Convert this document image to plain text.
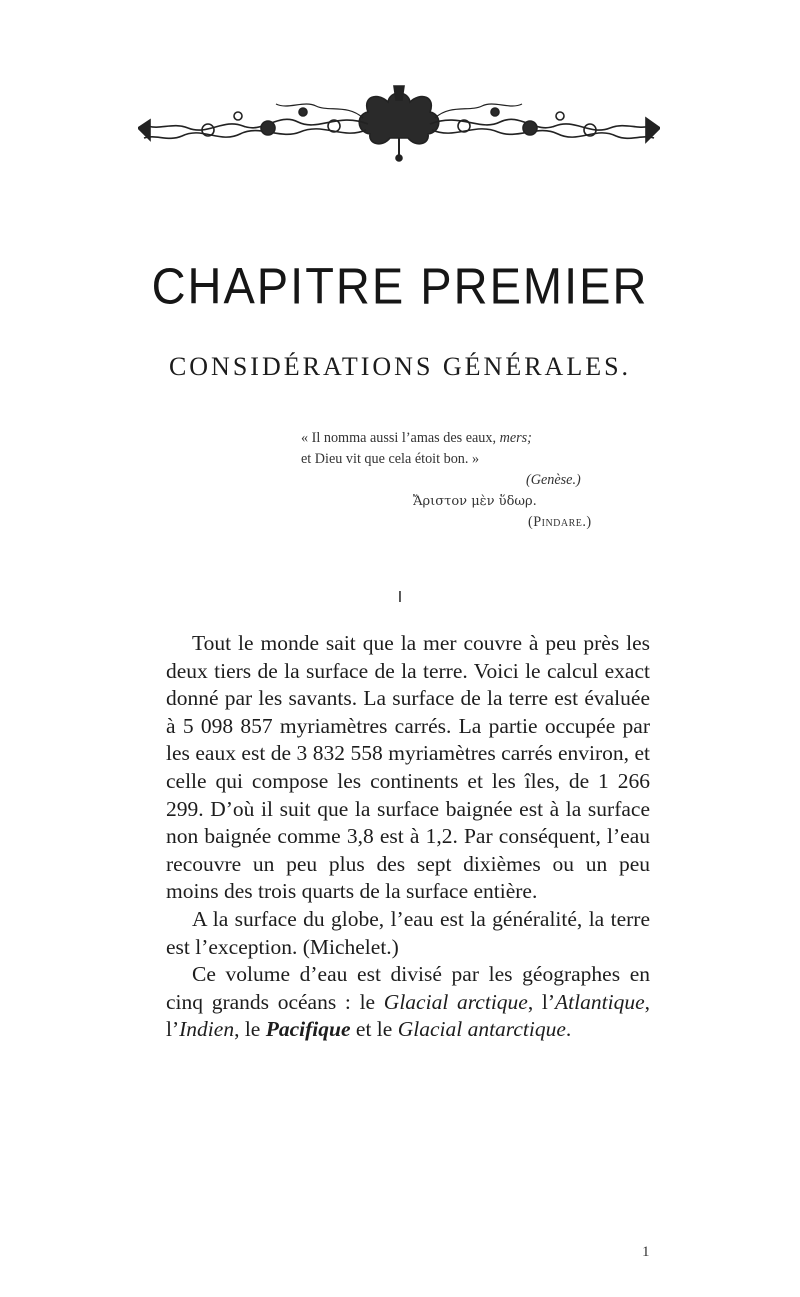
CHAPITRE PREMIER
CONSIDÉRATIONS GÉNÉRALES.
« Il nomma aussi l’amas des eaux, mers;
et Dieu vit que cela étoit bon. »
(Genèse.)
Ἄριστον μὲν ὕδωρ.
(Pindare.)
I

Tout le monde sait que la mer couvre à peu près les deux tiers de la surface de la terre. Voici le calcul exact donné par les savants. La surface de la terre est évaluée à 5 098 857 myriamètres carrés. La partie occupée par les eaux est de 3 832 558 myriamètres carrés environ, et celle qui compose les continents et les îles, de 1 266 299. D’où il suit que la surface baignée est à la surface non baignée comme 3,8 est à 1,2. Par conséquent, l’eau recouvre un peu plus des sept dixièmes ou un peu moins des trois quarts de la surface entière.

A la surface du globe, l’eau est la généralité, la terre est l’exception. (Michelet.)

Ce volume d’eau est divisé par les géographes en cinq grands océans : le Glacial arctique, l’Atlantique, l’Indien, le Pacifique et le Glacial antarctique.

1
